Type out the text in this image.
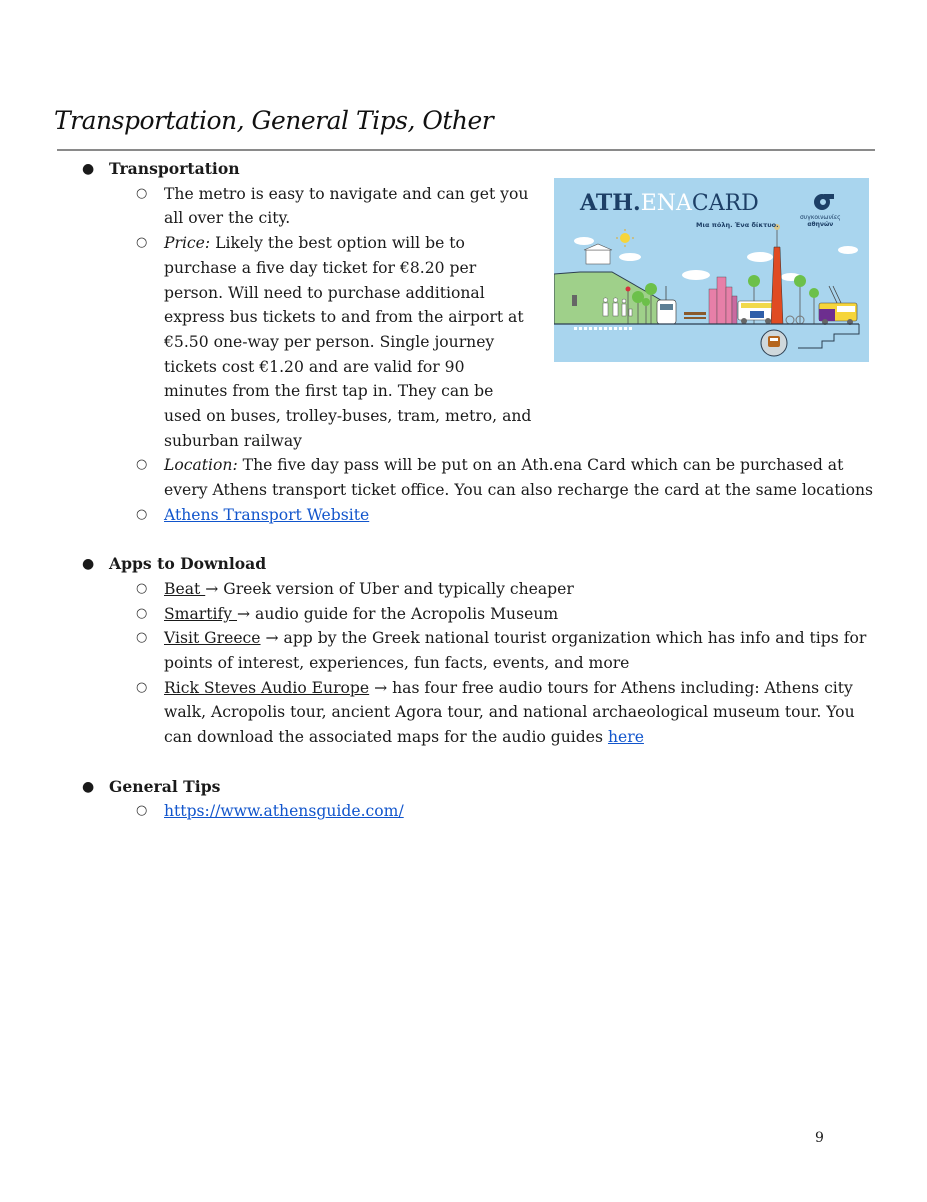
Transportation, General Tips, Other
ATH.ENACARD
Μια πόλη. Ένα δίκτυο.
συγκοινωνίες
αθηνών
● Transportation
○ The metro is easy to navigate and can get you all over the city.
○ Price: Likely the best option will be to purchase a five day ticket for €8.20 per person. Will need to purchase additional express bus tickets to and from the airport at €5.50 one-way per person. Single journey tickets cost €1.20 and are valid for 90 minutes from the first tap in. They can be used on buses, trolley-buses, tram, metro, and suburban railway
○ Location: The five day pass will be put on an Ath.ena Card which can be purchased at every Athens transport ticket office. You can also recharge the card at the same locations
○ Athens Transport Website
● Apps to Download
○ Beat → Greek version of Uber and typically cheaper
○ Smartify → audio guide for the Acropolis Museum
○ Visit Greece → app by the Greek national tourist organization which has info and tips for points of interest, experiences, fun facts, events, and more
○ Rick Steves Audio Europe → has four free audio tours for Athens including: Athens city walk, Acropolis tour, ancient Agora tour, and national archaeological museum tour. You can download the associated maps for the audio guides here
● General Tips
○ https://www.athensguide.com/
9
